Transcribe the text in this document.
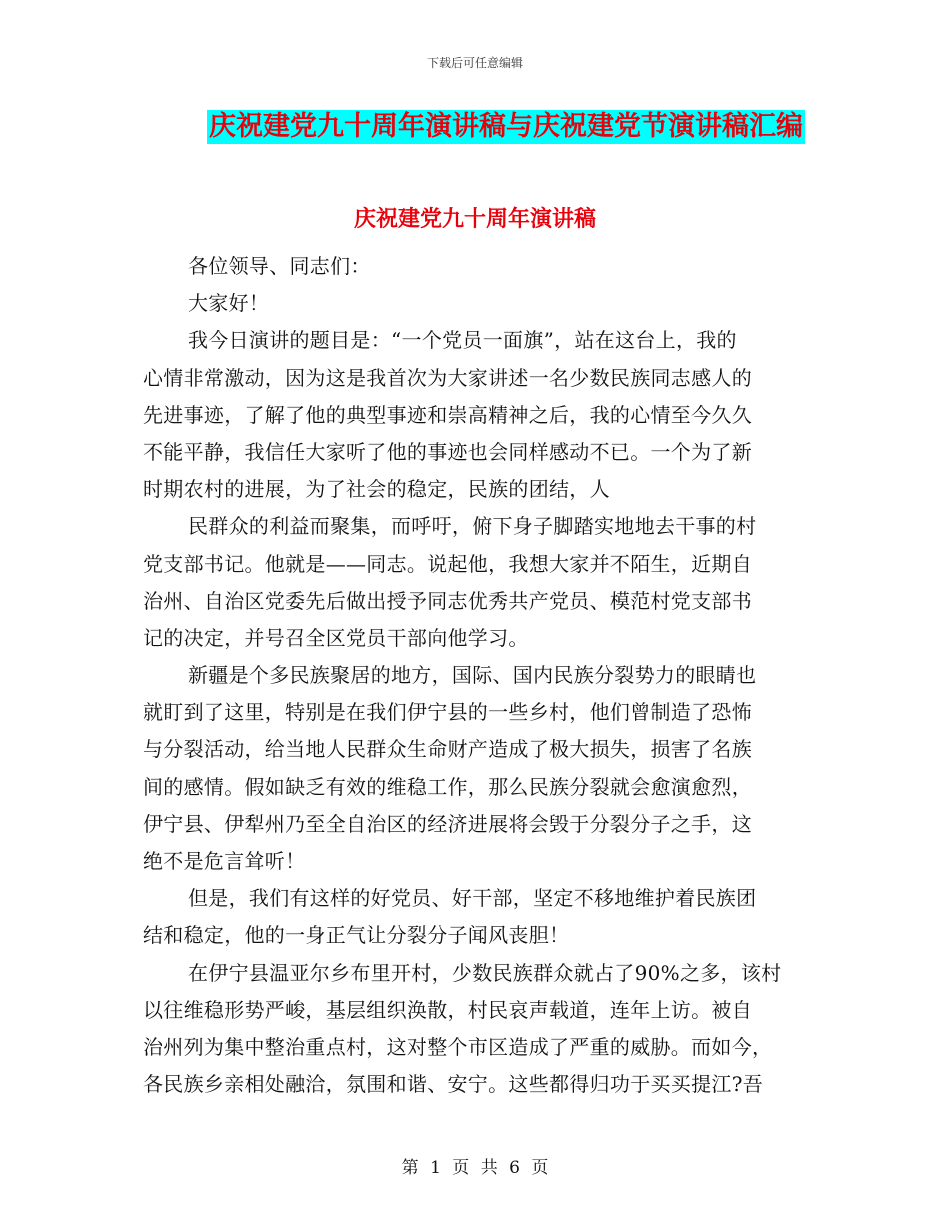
下载后可任意编辑
庆祝建党九十周年演讲稿与庆祝建党节演讲稿汇编
庆祝建党九十周年演讲稿
各位领导、同志们：
大家好！
我今日演讲的题目是：“一个党员一面旗”，站在这台上，我的
心情非常激动，因为这是我首次为大家讲述一名少数民族同志感人的
先进事迹，了解了他的典型事迹和崇高精神之后，我的心情至今久久
不能平静，我信任大家听了他的事迹也会同样感动不已。一个为了新
时期农村的进展，为了社会的稳定，民族的团结，人
民群众的利益而聚集，而呼吁，俯下身子脚踏实地地去干事的村
党支部书记。他就是——同志。说起他，我想大家并不陌生，近期自
治州、自治区党委先后做出授予同志优秀共产党员、模范村党支部书
记的决定，并号召全区党员干部向他学习。
新疆是个多民族聚居的地方，国际、国内民族分裂势力的眼睛也
就盯到了这里，特别是在我们伊宁县的一些乡村，他们曾制造了恐怖
与分裂活动，给当地人民群众生命财产造成了极大损失，损害了名族
间的感情。假如缺乏有效的维稳工作，那么民族分裂就会愈演愈烈，
伊宁县、伊犁州乃至全自治区的经济进展将会毁于分裂分子之手，这
绝不是危言耸听！
但是，我们有这样的好党员、好干部，坚定不移地维护着民族团
结和稳定，他的一身正气让分裂分子闻风丧胆！
在伊宁县温亚尔乡布里开村，少数民族群众就占了90%之多，该村
以往维稳形势严峻，基层组织涣散，村民哀声载道，连年上访。被自
治州列为集中整治重点村，这对整个市区造成了严重的威胁。而如今，
各民族乡亲相处融洽，氛围和谐、安宁。这些都得归功于买买提江?吾
第 1 页 共 6 页
